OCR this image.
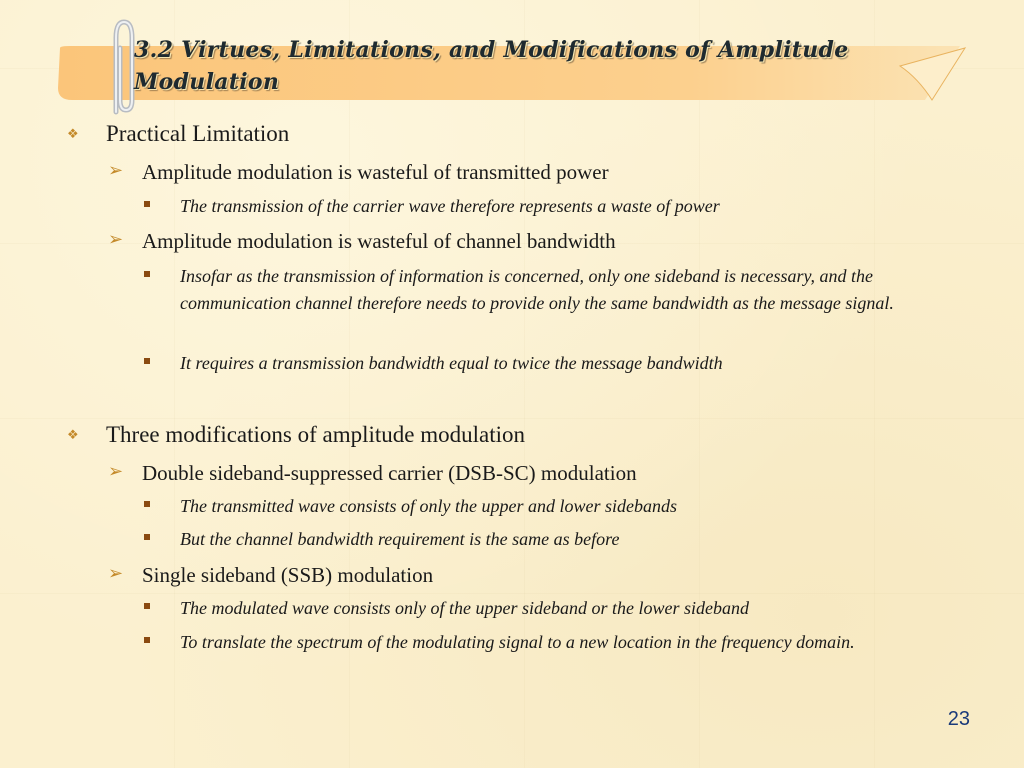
3.2 Virtues, Limitations, and Modifications of Amplitude
Modulation
❖ Practical Limitation
➢ Amplitude modulation is wasteful of transmitted power
The transmission of the carrier wave therefore represents a waste of power
➢ Amplitude modulation is wasteful of channel bandwidth
Insofar as the transmission of information is concerned, only one sideband is necessary, and the communication channel therefore needs to provide only the same bandwidth as the message signal.
It requires a transmission bandwidth equal to twice the message bandwidth
❖ Three modifications of amplitude modulation
➢ Double sideband-suppressed carrier (DSB-SC) modulation
The transmitted wave consists of only the upper and lower sidebands
But the channel bandwidth requirement is the same as before
➢ Single sideband (SSB) modulation
The modulated wave consists only of the upper sideband or the lower sideband
To translate the spectrum of the modulating signal to a new location in the frequency domain.
23
